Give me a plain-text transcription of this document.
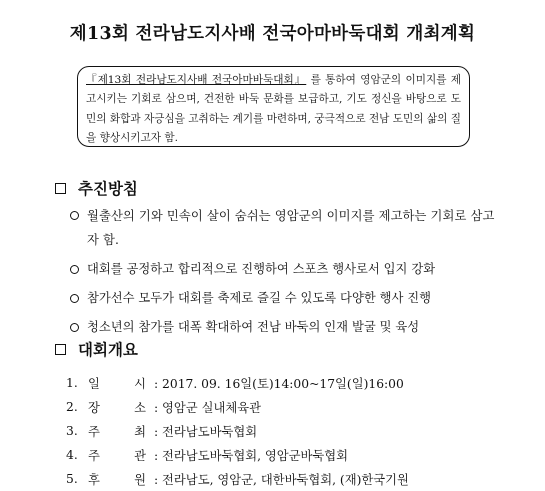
제13회 전라남도지사배 전국아마바둑대회 개최계획

『제13회 전라남도지사배 전국아마바둑대회』 를 통하여 영암군의 이미지를 제고시키는 기회로 삼으며, 건전한 바둑 문화를 보급하고, 기도 정신을 바탕으로 도민의 화합과 자긍심을 고취하는 계기를 마련하며, 궁극적으로 전남 도민의 삶의 질을 향상시키고자 함.

추진방침
월출산의 기와 민속이 살이 숨쉬는 영암군의 이미지를 제고하는 기회로 삼고자 함.
대회를 공정하고 합리적으로 진행하여 스포츠 행사로서 입지 강화
참가선수 모두가 대회를 축제로 즐길 수 있도록 다양한 행사 진행
청소년의 참가를 대폭 확대하여 전남 바둑의 인재 발굴 및 육성
대회개요
1. 일	시 : 2017. 09. 16일(토)14:00~17일(일)16:00
2. 장	소 : 영암군 실내체육관
3. 주	최 : 전라남도바둑협회
4. 주	관 : 전라남도바둑협회, 영암군바둑협회
5. 후	원 : 전라남도, 영암군, 대한바둑협회, (재)한국기원
